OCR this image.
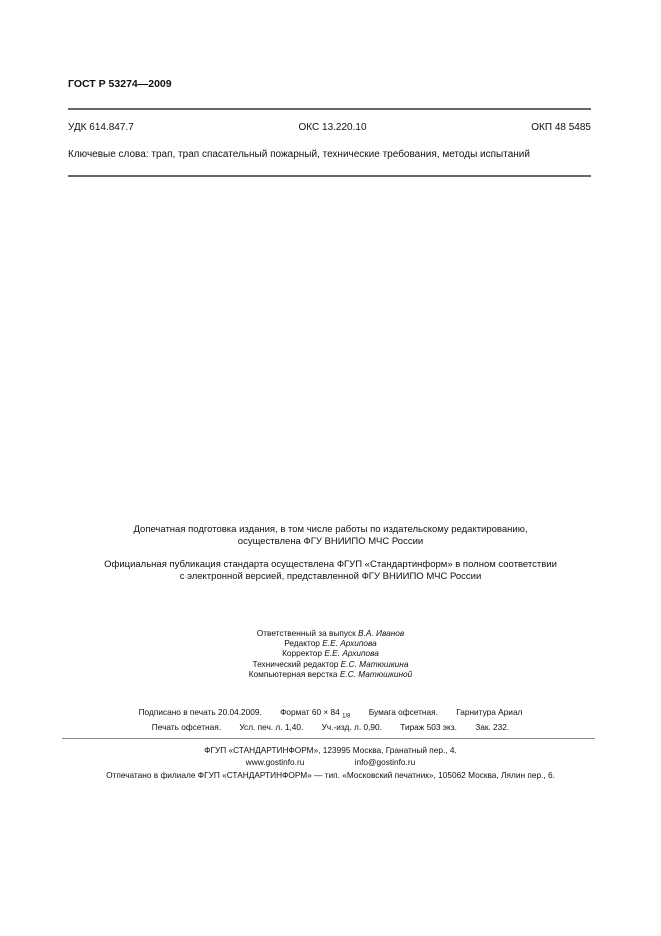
ГОСТ Р 53274—2009
УДК 614.847.7	ОКС 13.220.10	ОКП 48 5485
Ключевые слова: трап, трап спасательный пожарный, технические требования, методы испытаний
Допечатная подготовка издания, в том числе работы по издательскому редактированию,
осуществлена ФГУ ВНИИПО МЧС России
Официальная публикация стандарта осуществлена ФГУП «Стандартинформ» в полном соответствии
с электронной версией, представленной ФГУ ВНИИПО МЧС России
Ответственный за выпуск В.А. Иванов
Редактор Е.Е. Архипова
Корректор Е.Е. Архипова
Технический редактор Е.С. Матюшкина
Компьютерная верстка Е.С. Матюшкиной
Подписано в печать 20.04.2009. Формат 60 × 84 $_{1/8}$ Бумага офсетная. Гарнитура Ариал
Печать офсетная. Усл. печ. л. 1,40. Уч.-изд. л. 0,90. Тираж 503 экз. Зак. 232.
ФГУП «СТАНДАРТИНФОРМ», 123995 Москва, Гранатный пер., 4.
www.gostinfo.ru	info@gostinfo.ru
Отпечатано в филиале ФГУП «СТАНДАРТИНФОРМ» — тип. «Московский печатник», 105062 Москва, Лялин пер., 6.
